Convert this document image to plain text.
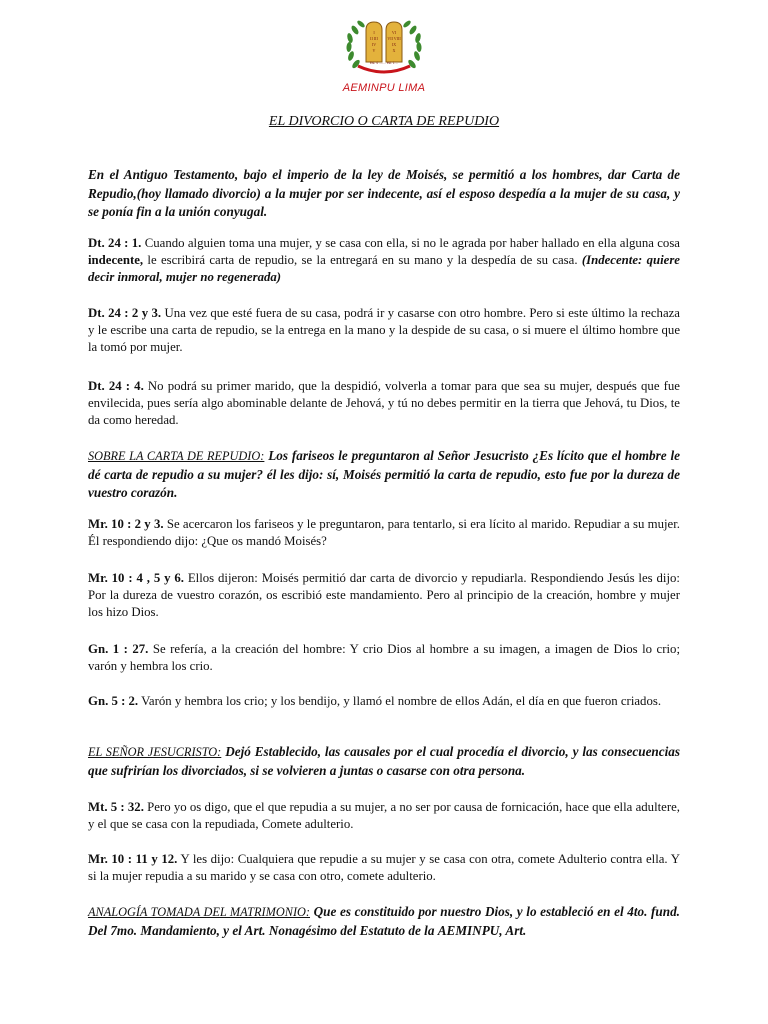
I
II III
IV
V
VI
VII VIII
IX
X
Est. 4 ........ est. 1 ...
AEMINPU LIMA
EL DIVORCIO O CARTA DE REPUDIO

En el Antiguo Testamento, bajo el imperio de la ley de Moisés, se permitió a los hombres, dar Carta de Repudio,(hoy llamado divorcio) a la mujer por ser indecente, así el esposo despedía a la mujer de su casa, y se ponía fin a la unión conyugal.

Dt. 24 : 1. Cuando alguien toma una mujer, y se casa con ella, si no le agrada por haber hallado en ella alguna cosa indecente, le escribirá carta de repudio, se la entregará en su mano y la despedía de su casa. (Indecente: quiere decir inmoral, mujer no regenerada)

Dt. 24 : 2 y 3. Una vez que esté fuera de su casa, podrá ir y casarse con otro hombre. Pero si este último la rechaza y le escribe una carta de repudio, se la entrega en la mano y la despide de su casa, o si muere el último hombre que la tomó por mujer.

Dt. 24 : 4. No podrá su primer marido, que la despidió, volverla a tomar para que sea su mujer, después que fue envilecida, pues sería algo abominable delante de Jehová, y tú no debes permitir en la tierra que Jehová, tu Dios, te da como heredad.

SOBRE LA CARTA DE REPUDIO: Los fariseos le preguntaron al Señor Jesucristo ¿Es lícito que el hombre le dé carta de repudio a su mujer? él les dijo: sí, Moisés permitió la carta de repudio, esto fue por la dureza de vuestro corazón.

Mr. 10 : 2 y 3. Se acercaron los fariseos y le preguntaron, para tentarlo, si era lícito al marido. Repudiar a su mujer. Él respondiendo dijo: ¿Que os mandó Moisés?

Mr. 10 : 4 , 5 y 6. Ellos dijeron: Moisés permitió dar carta de divorcio y repudiarla. Respondiendo Jesús les dijo: Por la dureza de vuestro corazón, os escribió este mandamiento. Pero al principio de la creación, hombre y mujer los hizo Dios.

Gn. 1 : 27. Se refería, a la creación del hombre: Y crio Dios al hombre a su imagen, a imagen de Dios lo crio; varón y hembra los crio.

Gn. 5 : 2. Varón y hembra los crio; y los bendijo, y llamó el nombre de ellos Adán, el día en que fueron criados.

EL SEÑOR JESUCRISTO: Dejó Establecido, las causales por el cual procedía el divorcio, y las consecuencias que sufrirían los divorciados, si se volvieren a juntas o casarse con otra persona.

Mt. 5 : 32. Pero yo os digo, que el que repudia a su mujer, a no ser por causa de fornicación, hace que ella adultere, y el que se casa con la repudiada, Comete adulterio.

Mr. 10 : 11 y 12. Y les dijo: Cualquiera que repudie a su mujer y se casa con otra, comete Adulterio contra ella. Y si la mujer repudia a su marido y se casa con otro, comete adulterio.

ANALOGÍA TOMADA DEL MATRIMONIO: Que es constituido por nuestro Dios, y lo estableció en el 4to. fund. Del 7mo. Mandamiento, y el Art. Nonagésimo del Estatuto de la AEMINPU, Art.
